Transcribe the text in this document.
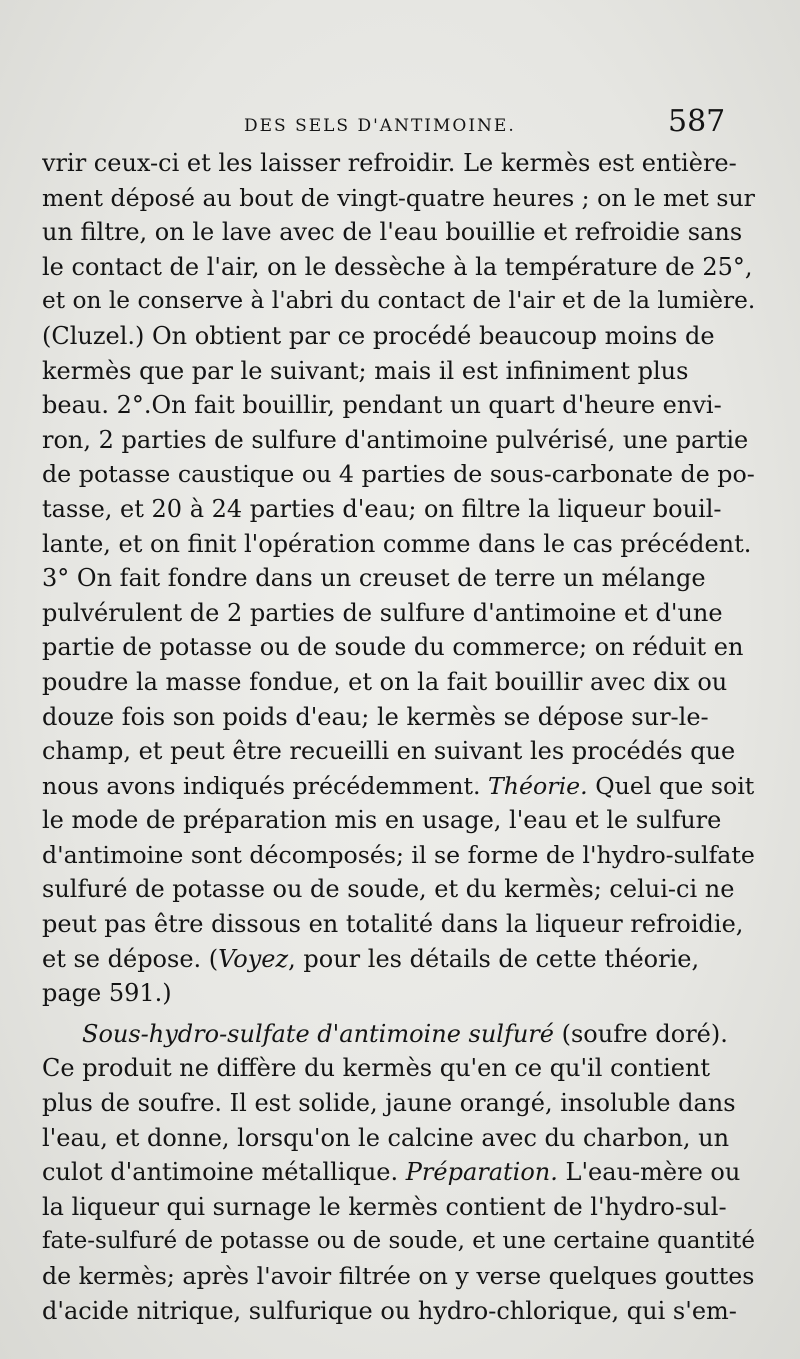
DES SELS D'ANTIMOINE.	587
vrir ceux-ci et les laisser refroidir. Le kermès est entière-
ment déposé au bout de vingt-quatre heures ; on le met sur
un filtre, on le lave avec de l'eau bouillie et refroidie sans
le contact de l'air, on le dessèche à la température de 25°,
et on le conserve à l'abri du contact de l'air et de la lumière.
(Cluzel.) On obtient par ce procédé beaucoup moins de
kermès que par le suivant; mais il est infiniment plus
beau. 2°.On fait bouillir, pendant un quart d'heure envi-
ron, 2 parties de sulfure d'antimoine pulvérisé, une partie
de potasse caustique ou 4 parties de sous-carbonate de po-
tasse, et 20 à 24 parties d'eau; on filtre la liqueur bouil-
lante, et on finit l'opération comme dans le cas précédent.
3° On fait fondre dans un creuset de terre un mélange
pulvérulent de 2 parties de sulfure d'antimoine et d'une
partie de potasse ou de soude du commerce; on réduit en
poudre la masse fondue, et on la fait bouillir avec dix ou
douze fois son poids d'eau; le kermès se dépose sur-le-
champ, et peut être recueilli en suivant les procédés que
nous avons indiqués précédemment. Théorie. Quel que soit
le mode de préparation mis en usage, l'eau et le sulfure
d'antimoine sont décomposés; il se forme de l'hydro-sulfate
sulfuré de potasse ou de soude, et du kermès; celui-ci ne
peut pas être dissous en totalité dans la liqueur refroidie,
et se dépose. (Voyez, pour les détails de cette théorie,
page 591.)
Sous-hydro-sulfate d'antimoine sulfuré (soufre doré).
Ce produit ne diffère du kermès qu'en ce qu'il contient
plus de soufre. Il est solide, jaune orangé, insoluble dans
l'eau, et donne, lorsqu'on le calcine avec du charbon, un
culot d'antimoine métallique. Préparation. L'eau-mère ou
la liqueur qui surnage le kermès contient de l'hydro-sul-
fate-sulfuré de potasse ou de soude, et une certaine quantité
de kermès; après l'avoir filtrée on y verse quelques gouttes
d'acide nitrique, sulfurique ou hydro-chlorique, qui s'em-
